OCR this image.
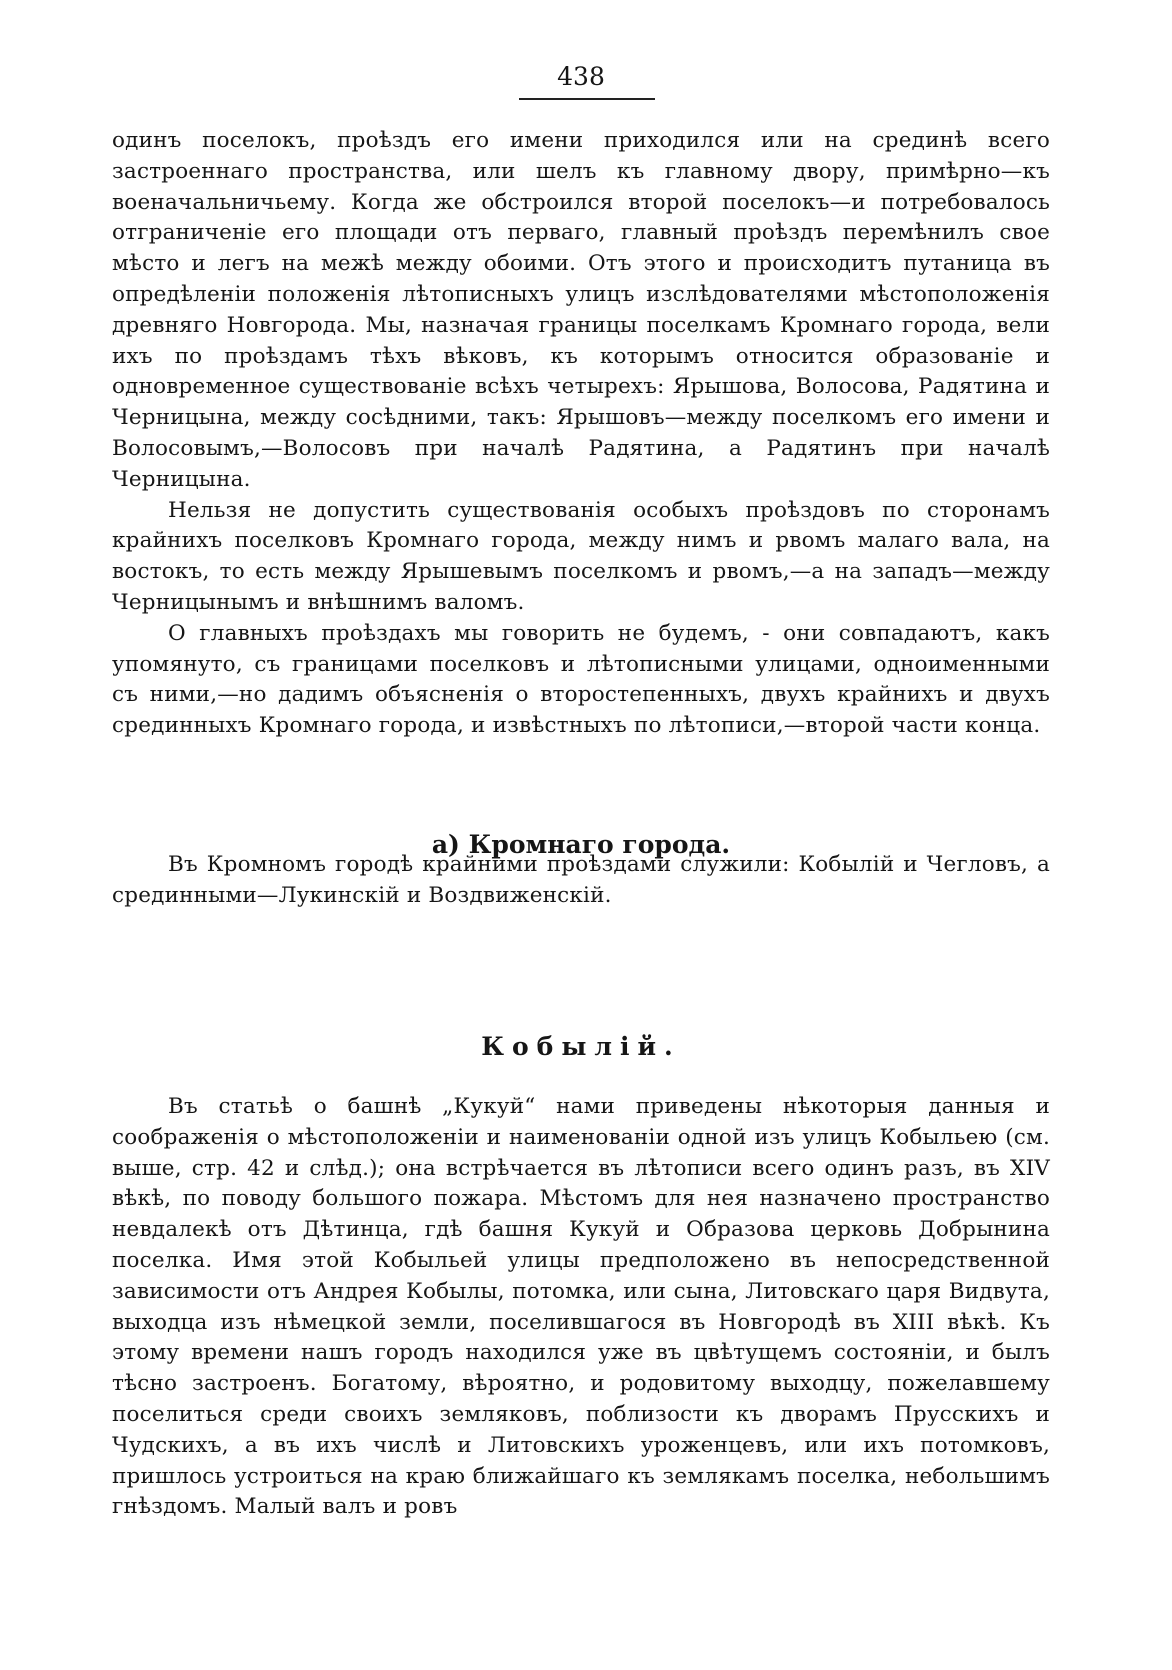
438

одинъ поселокъ, проѣздъ его имени приходился или на срединѣ всего застроеннаго пространства, или шелъ къ главному двору, примѣрно—къ военачальничьему. Когда же обстроился второй поселокъ—и потребовалось отграниченіе его площади отъ перваго, главный проѣздъ перемѣнилъ свое мѣсто и легъ на межѣ между обоими. Отъ этого и происходитъ путаница въ опредѣленіи положенія лѣтописныхъ улицъ изслѣдователями мѣстоположенія древняго Новгорода. Мы, назначая границы поселкамъ Кромнаго города, вели ихъ по проѣздамъ тѣхъ вѣковъ, къ которымъ относится образованіе и одновременное существованіе всѣхъ четырехъ: Ярышова, Волосова, Радятина и Черницына, между сосѣдними, такъ: Ярышовъ—между поселкомъ его имени и Волосовымъ,—Волосовъ при началѣ Радятина, а Радятинъ при началѣ Черницына.

Нельзя не допустить существованія особыхъ проѣздовъ по сторонамъ крайнихъ поселковъ Кромнаго города, между нимъ и рвомъ малаго вала, на востокъ, то есть между Ярышевымъ поселкомъ и рвомъ,—а на западъ—между Черницынымъ и внѣшнимъ валомъ.

О главныхъ проѣздахъ мы говорить не будемъ, - они совпадаютъ, какъ упомянуто, съ границами поселковъ и лѣтописными улицами, одноименными съ ними,—но дадимъ объясненія о второстепенныхъ, двухъ крайнихъ и двухъ срединныхъ Кромнаго города, и извѣстныхъ по лѣтописи,—второй части конца.

а) Кромнаго города.

Въ Кромномъ городѣ крайними проѣздами служили: Кобылій и Чегловъ, а срединными—Лукинскій и Воздвиженскій.

Кобылій.

Въ статьѣ о башнѣ „Кукуй“ нами приведены нѣкоторыя данныя и соображенія о мѣстоположеніи и наименованіи одной изъ улицъ Кобыльею (см. выше, стр. 42 и слѣд.); она встрѣчается въ лѣтописи всего одинъ разъ, въ XIV вѣкѣ, по поводу большого пожара. Мѣстомъ для нея назначено пространство невдалекѣ отъ Дѣтинца, гдѣ башня Кукуй и Образова церковь Добрынина поселка. Имя этой Кобыльей улицы предположено въ непосредственной зависимости отъ Андрея Кобылы, потомка, или сына, Литовскаго царя Видвута, выходца изъ нѣмецкой земли, поселившагося въ Новгородѣ въ XIII вѣкѣ. Къ этому времени нашъ городъ находился уже въ цвѣтущемъ состояніи, и былъ тѣсно застроенъ. Богатому, вѣроятно, и родовитому выходцу, пожелавшему поселиться среди своихъ земляковъ, поблизости къ дворамъ Прусскихъ и Чудскихъ, а въ ихъ числѣ и Литовскихъ уроженцевъ, или ихъ потомковъ, пришлось устроиться на краю ближайшаго къ землякамъ поселка, небольшимъ гнѣздомъ. Малый валъ и ровъ
